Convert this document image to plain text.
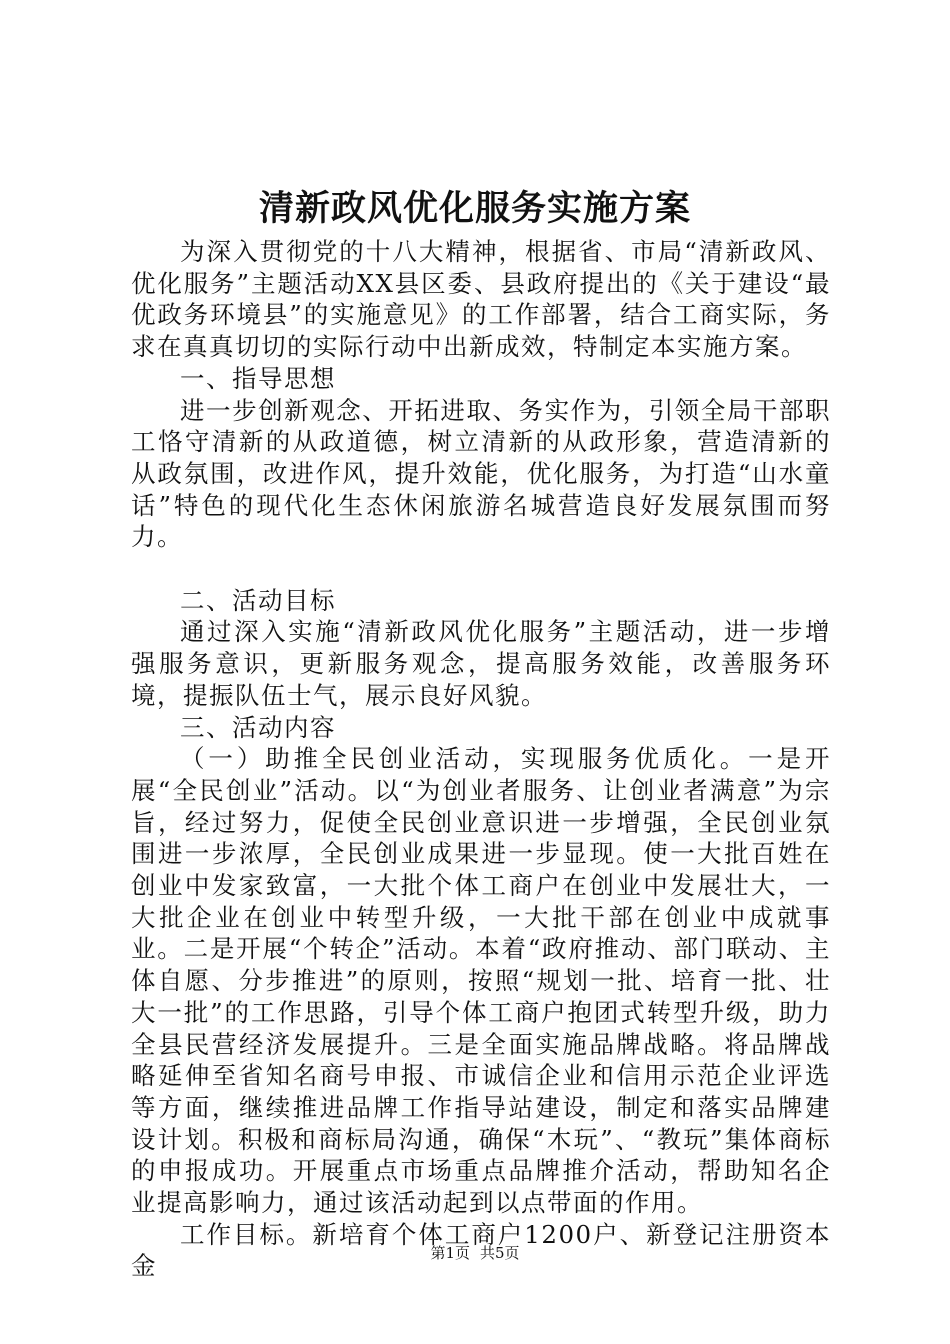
清新政风优化服务实施方案

为深入贯彻党的十八大精神，根据省、市局“清新政风、优化服务”主题活动XX县区委、县政府提出的《关于建设“最优政务环境县”的实施意见》的工作部署，结合工商实际，务求在真真切切的实际行动中出新成效，特制定本实施方案。

一、指导思想

进一步创新观念、开拓进取、务实作为，引领全局干部职工恪守清新的从政道德，树立清新的从政形象，营造清新的从政氛围，改进作风，提升效能，优化服务，为打造“山水童话”特色的现代化生态休闲旅游名城营造良好发展氛围而努力。

二、活动目标

通过深入实施“清新政风优化服务”主题活动，进一步增强服务意识，更新服务观念，提高服务效能，改善服务环境，提振队伍士气，展示良好风貌。

三、活动内容

（一）助推全民创业活动，实现服务优质化。一是开展“全民创业”活动。以“为创业者服务、让创业者满意”为宗旨，经过努力，促使全民创业意识进一步增强，全民创业氛围进一步浓厚，全民创业成果进一步显现。使一大批百姓在创业中发家致富，一大批个体工商户在创业中发展壮大，一大批企业在创业中转型升级，一大批干部在创业中成就事业。二是开展“个转企”活动。本着“政府推动、部门联动、主体自愿、分步推进”的原则，按照“规划一批、培育一批、壮大一批”的工作思路，引导个体工商户抱团式转型升级，助力全县民营经济发展提升。三是全面实施品牌战略。将品牌战略延伸至省知名商号申报、市诚信企业和信用示范企业评选等方面，继续推进品牌工作指导站建设，制定和落实品牌建设计划。积极和商标局沟通，确保“木玩”、“教玩”集体商标的申报成功。开展重点市场重点品牌推介活动，帮助知名企业提高影响力，通过该活动起到以点带面的作用。

工作目标。新培育个体工商户1200户、新登记注册资本金	第1页 共5页
